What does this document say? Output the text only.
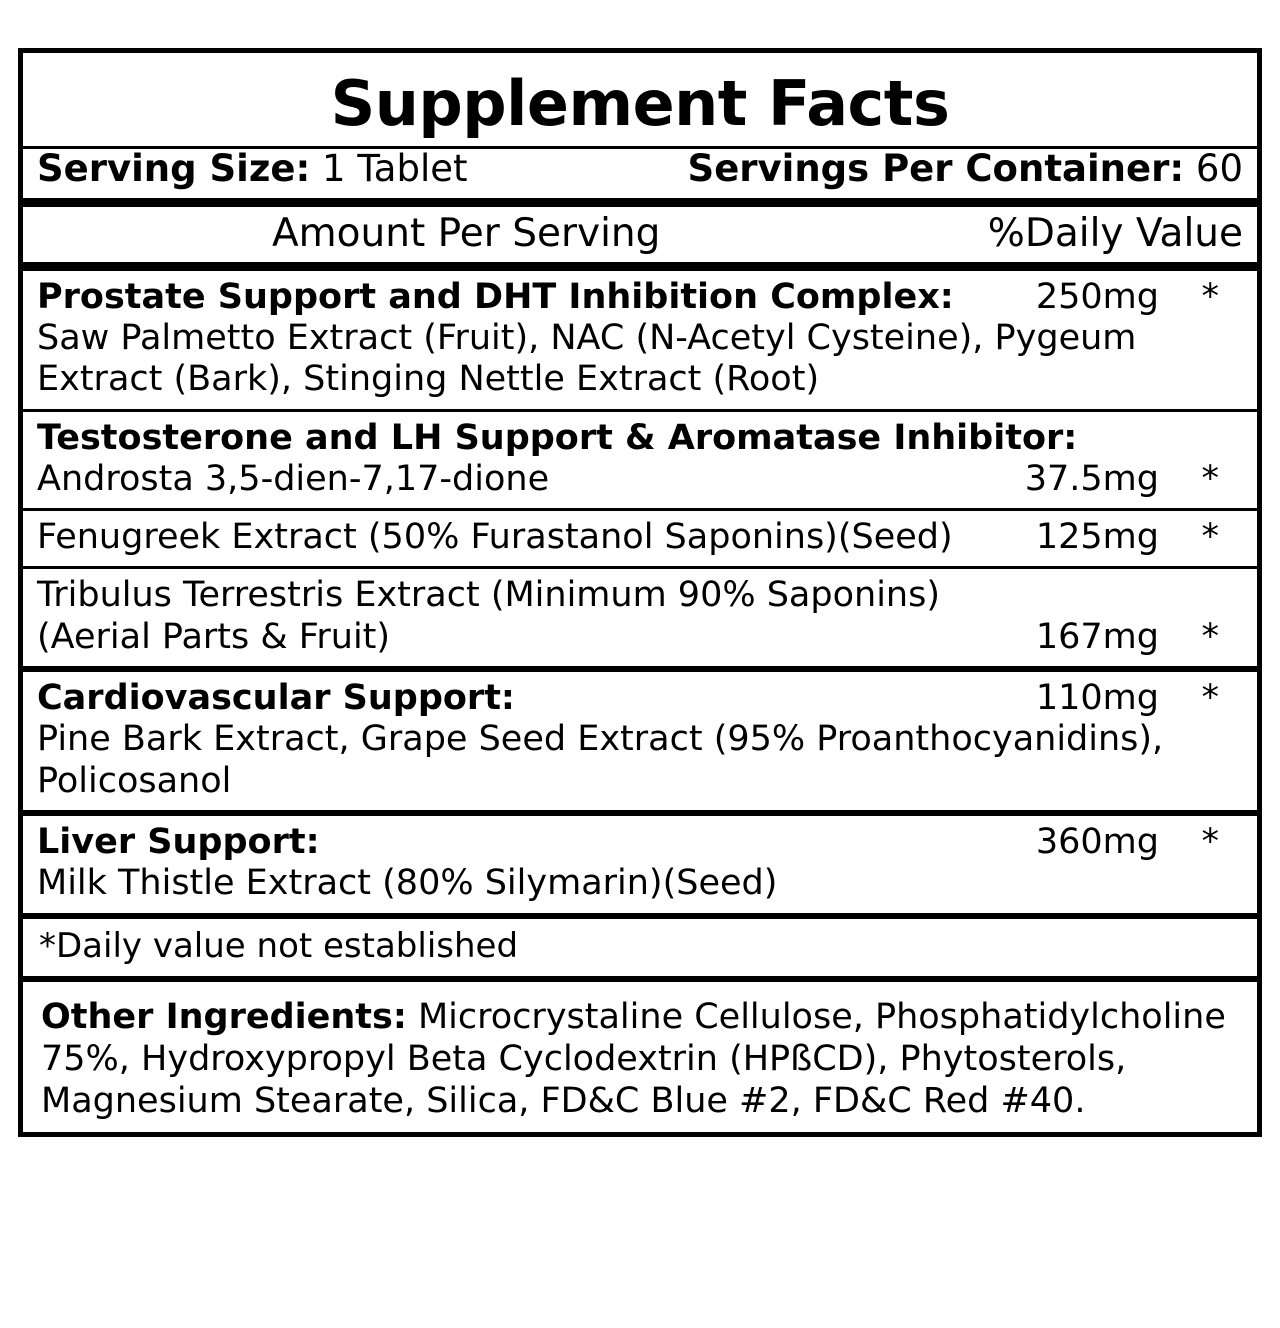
Supplement Facts
Serving Size: 1 Tablet	Servings Per Container: 60
Amount Per Serving	%Daily Value
Prostate Support and DHT Inhibition Complex: 250mg *
Saw Palmetto Extract (Fruit), NAC (N-Acetyl Cysteine), Pygeum Extract (Bark), Stinging Nettle Extract (Root)
Testosterone and LH Support & Aromatase Inhibitor:
Androsta 3,5-dien-7,17-dione	37.5mg *
Fenugreek Extract (50% Furastanol Saponins)(Seed) 125mg *
Tribulus Terrestris Extract (Minimum 90% Saponins)
(Aerial Parts & Fruit)	167mg *
Cardiovascular Support:	110mg *
Pine Bark Extract, Grape Seed Extract (95% Proanthocyanidins), Policosanol
Liver Support:	360mg *
Milk Thistle Extract (80% Silymarin)(Seed)
*Daily value not established
Other Ingredients: Microcrystaline Cellulose, Phosphatidylcholine 75%, Hydroxypropyl Beta Cyclodextrin (HPßCD), Phytosterols, Magnesium Stearate, Silica, FD&C Blue #2, FD&C Red #40.
